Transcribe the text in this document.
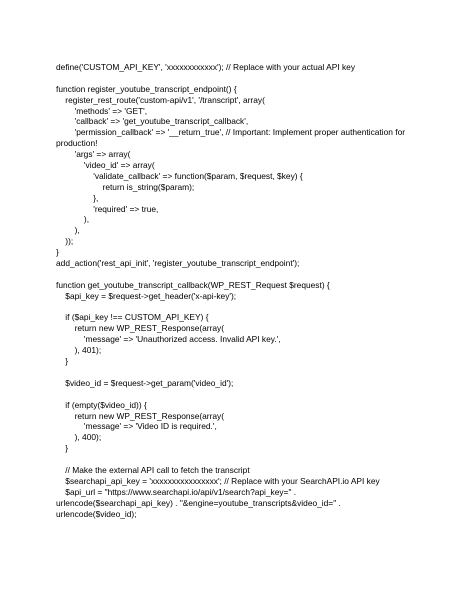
define('CUSTOM_API_KEY', 'xxxxxxxxxxxx'); // Replace with your actual API key
function register_youtube_transcript_endpoint() {
register_rest_route('custom-api/v1', '/transcript', array(
'methods' => 'GET',
'callback' => 'get_youtube_transcript_callback',
'permission_callback' => '__return_true', // Important: Implement proper authentication for
production!
'args' => array(
'video_id' => array(
'validate_callback' => function($param, $request, $key) {
return is_string($param);
},
'required' => true,
),
),
));
}
add_action('rest_api_init', 'register_youtube_transcript_endpoint');
function get_youtube_transcript_callback(WP_REST_Request $request) {
$api_key = $request->get_header('x-api-key');
if ($api_key !== CUSTOM_API_KEY) {
return new WP_REST_Response(array(
'message' => 'Unauthorized access. Invalid API key.',
), 401);
}
$video_id = $request->get_param('video_id');
if (empty($video_id)) {
return new WP_REST_Response(array(
'message' => 'Video ID is required.',
), 400);
}
// Make the external API call to fetch the transcript
$searchapi_api_key = 'xxxxxxxxxxxxxxxx'; // Replace with your SearchAPI.io API key
$api_url = "https://www.searchapi.io/api/v1/search?api_key=" .
urlencode($searchapi_api_key) . "&engine=youtube_transcripts&video_id=" .
urlencode($video_id);
